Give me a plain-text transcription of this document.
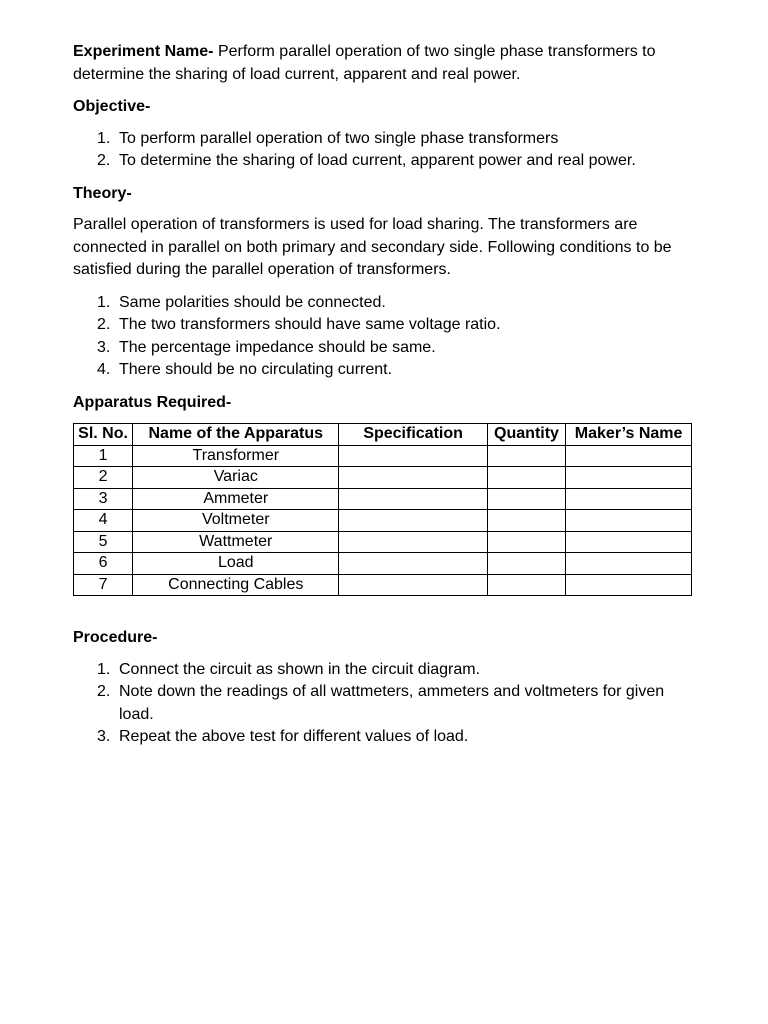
Experiment Name- Perform parallel operation of two single phase transformers to determine the sharing of load current, apparent and real power.

Objective-

1. To perform parallel operation of two single phase transformers
2. To determine the sharing of load current, apparent power and real power.

Theory-

Parallel operation of transformers is used for load sharing. The transformers are connected in parallel on both primary and secondary side. Following conditions to be satisfied during the parallel operation of transformers.

1. Same polarities should be connected.
2. The two transformers should have same voltage ratio.
3. The percentage impedance should be same.
4. There should be no circulating current.

Apparatus Required-

Sl. No.	Name of the Apparatus	Specification	Quantity	Maker’s Name
1	Transformer			
2	Variac			
3	Ammeter			
4	Voltmeter			
5	Wattmeter			
6	Load			
7	Connecting Cables			

Procedure-

1. Connect the circuit as shown in the circuit diagram.
2. Note down the readings of all wattmeters, ammeters and voltmeters for given load.
3. Repeat the above test for different values of load.
